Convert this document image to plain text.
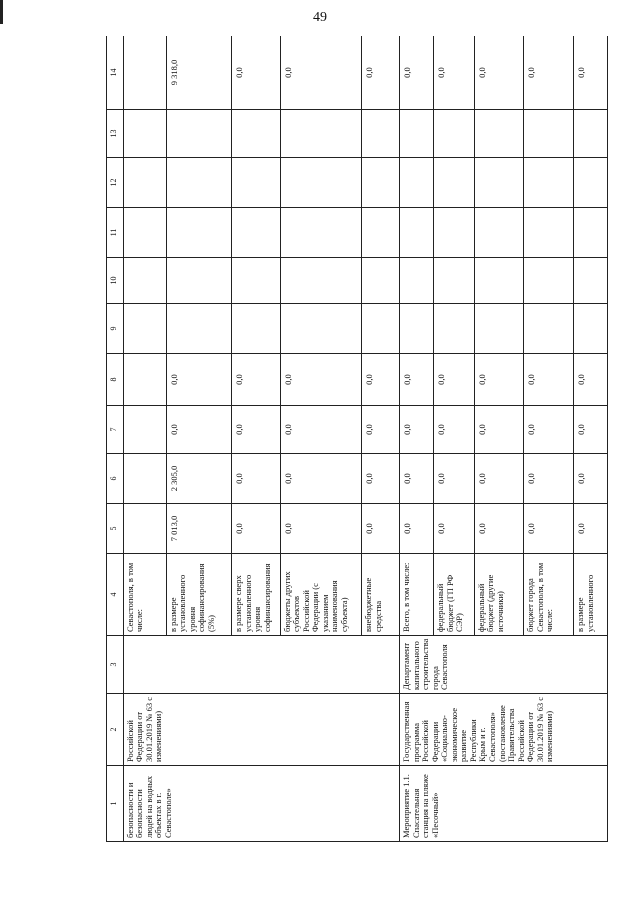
49
1	2	3	4	5	6	7	8	9	10	11	12	13	14
безопасности и безопасности людей на водных объектах в г. Севастополе»	Российской Федерации от 30.01.2019 № 63 с изменениями)		Севастополя, в том числе:										
			в размере установленного уровня софинансирования (5%)	7 013,0	2 305,0	0,0	0,0						9 318,0
			в размере сверх установленного уровня софинансирования	0,0	0,0	0,0	0,0						0,0
			бюджеты других субъектов Российской Федерации (с указанием наименования субъекта)	0,0	0,0	0,0	0,0						0,0
			внебюджетные средства	0,0	0,0	0,0	0,0						0,0
Мероприятие 1.1. Спасательная станция на пляже «Песочный»	Государственная программа Российской Федерации «Социально-экономическое развитие Республики Крым и г. Севастополя» (постановление Правительства Российской Федерации от 30.01.2019 № 63 с изменениями)	Департамент капитального строительства города Севастополя	Всего, в том числе:	0,0	0,0	0,0	0,0						0,0
			федеральный бюджет (ГП РФ СЭР)	0,0	0,0	0,0	0,0						0,0
			федеральный бюджет (другие источники)	0,0	0,0	0,0	0,0						0,0
			бюджет города Севастополя, в том числе:	0,0	0,0	0,0	0,0						0,0
			в размере установленного	0,0	0,0	0,0	0,0						0,0
